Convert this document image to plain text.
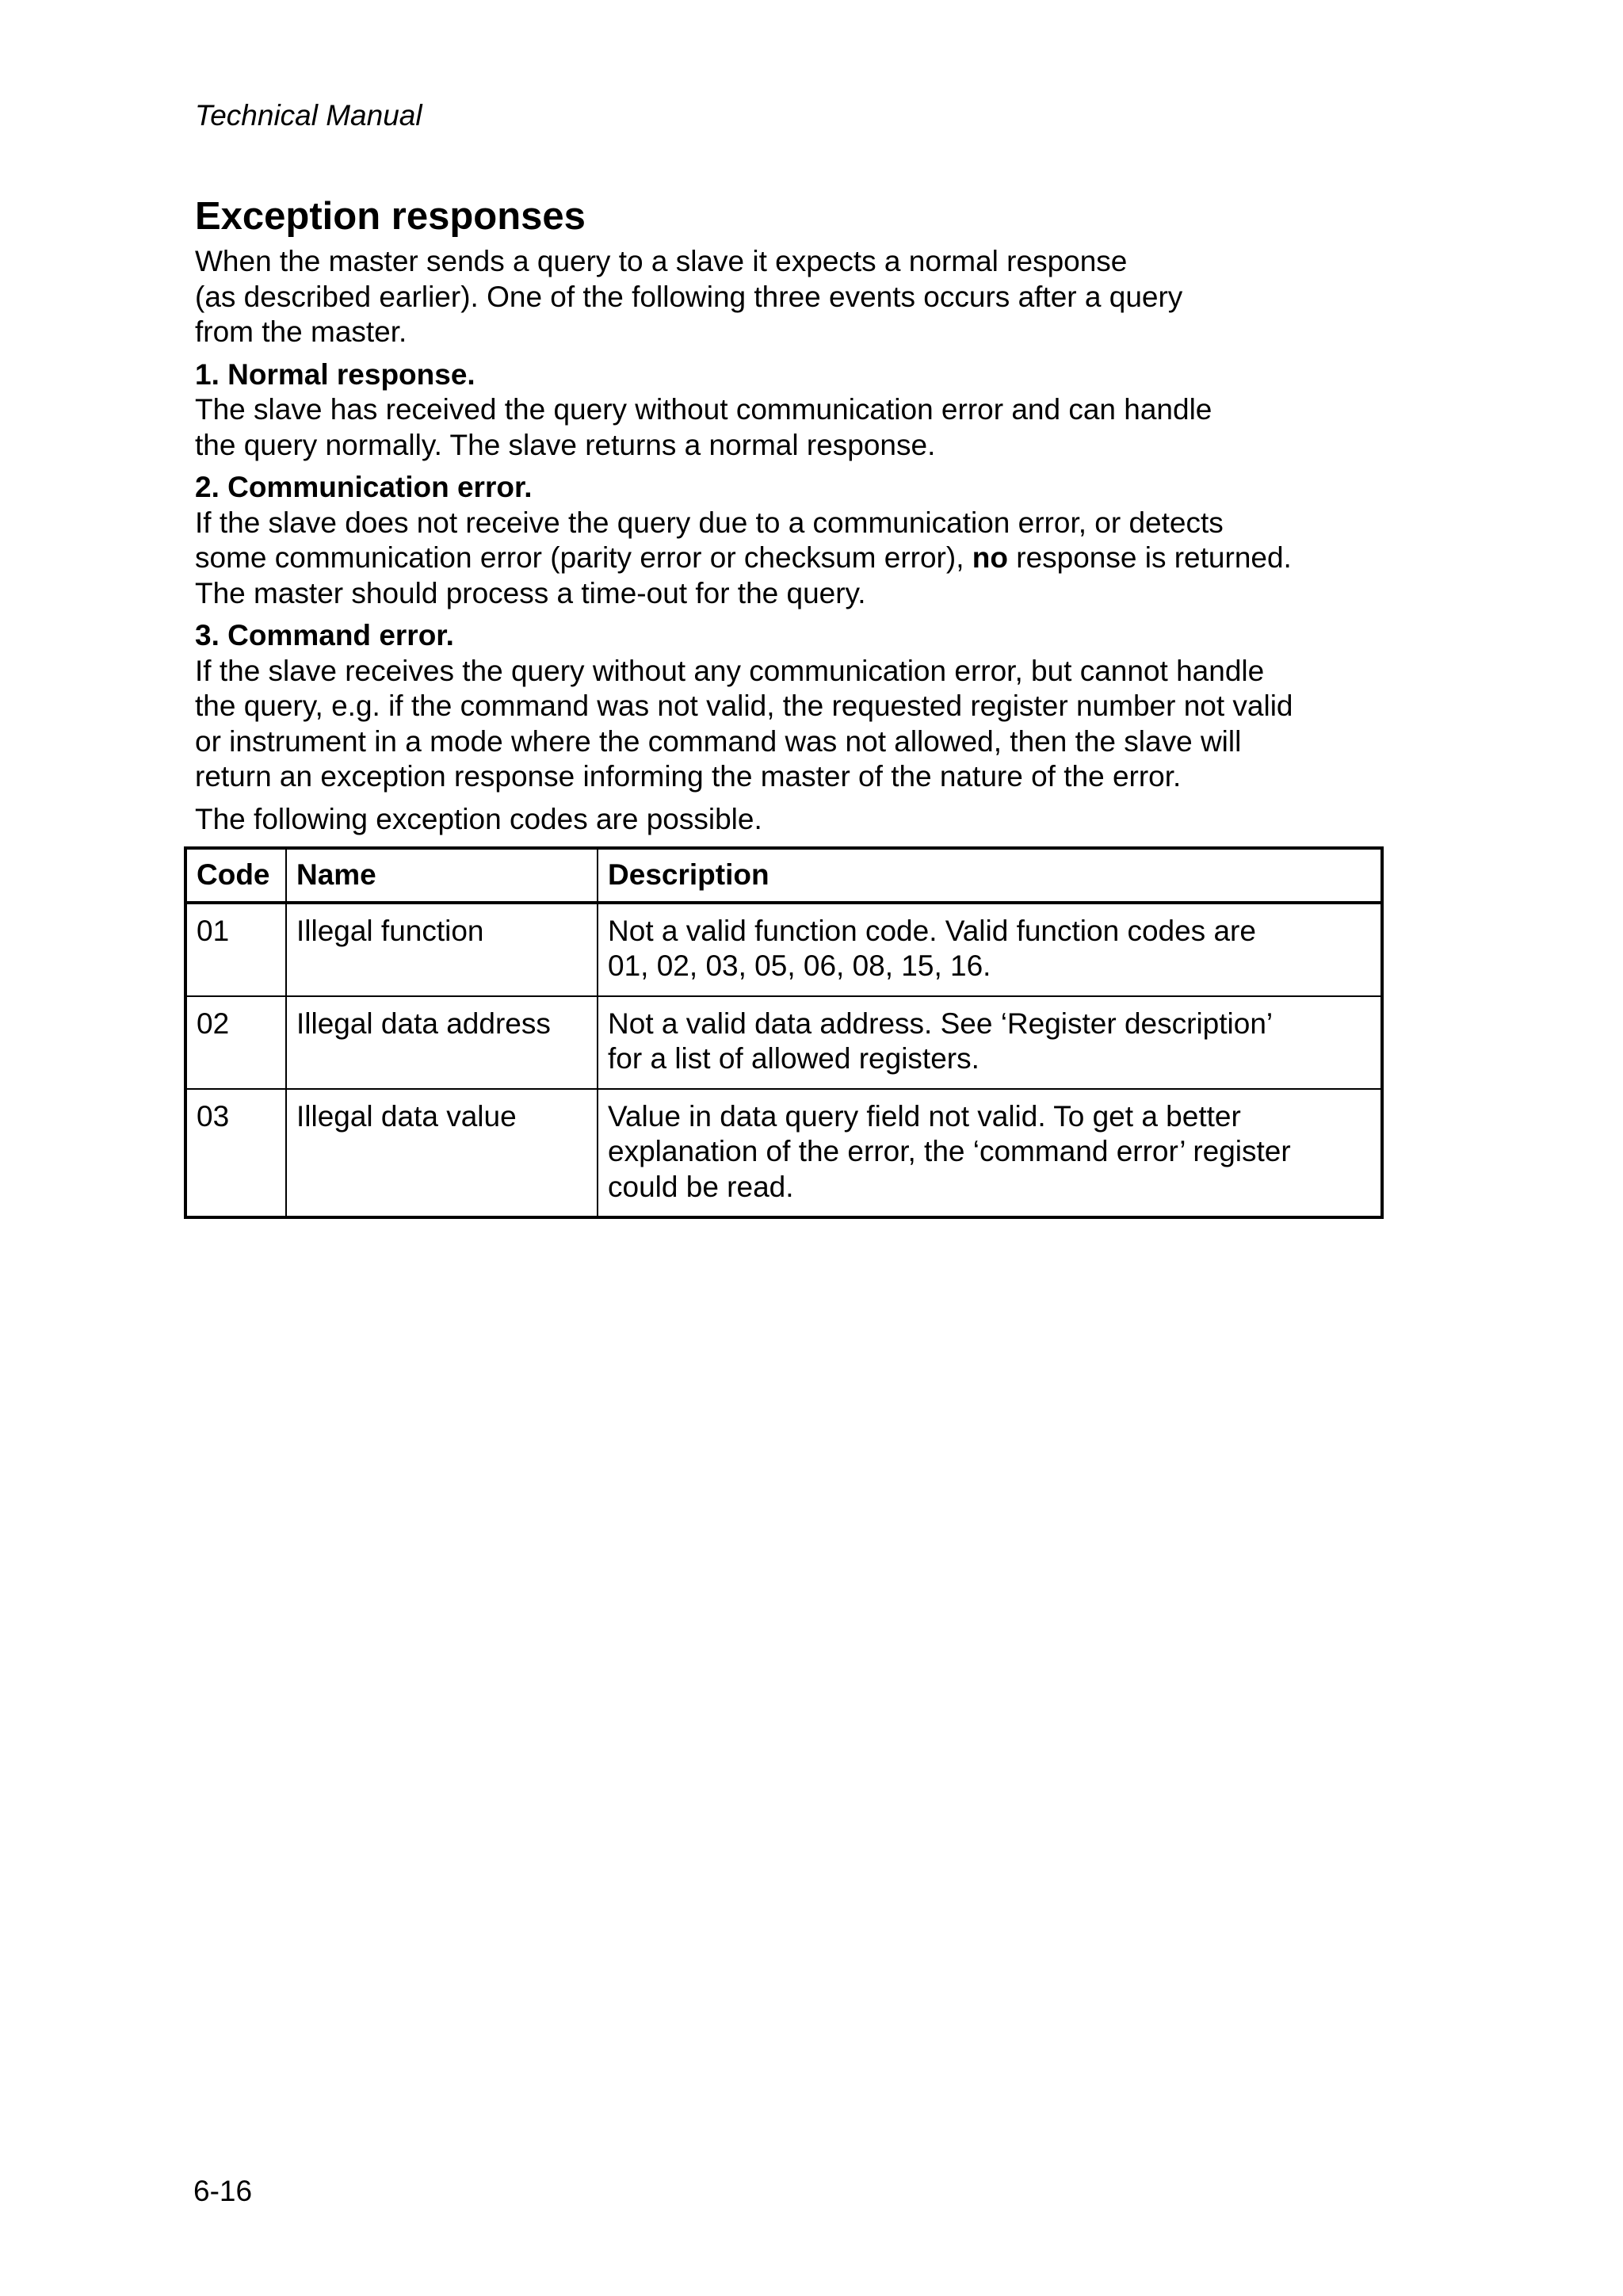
Technical Manual
Exception responses

When the master sends a query to a slave it expects a normal response
(as described earlier). One of the following three events occurs after a query
from the master.

1. Normal response.

The slave has received the query without communication error and can handle
the query normally. The slave returns a normal response.

2. Communication error.

If the slave does not receive the query due to a communication error, or detects
some communication error (parity error or checksum error), no response is returned.
The master should process a time-out for the query.

3. Command error.

If the slave receives the query without any communication error, but cannot handle
the query, e.g. if the command was not valid, the requested register number not valid
or instrument in a mode where the command was not allowed, then the slave will
return an exception response informing the master of the nature of the error.

The following exception codes are possible.

Code	Name	Description
01	Illegal function	Not a valid function code. Valid function codes are
01, 02, 03, 05, 06, 08, 15, 16.
02	Illegal data address	Not a valid data address. See ‘Register description’
for a list of allowed registers.
03	Illegal data value	Value in data query field not valid. To get a better
explanation of the error, the ‘command error’ register
could be read.
6-16
